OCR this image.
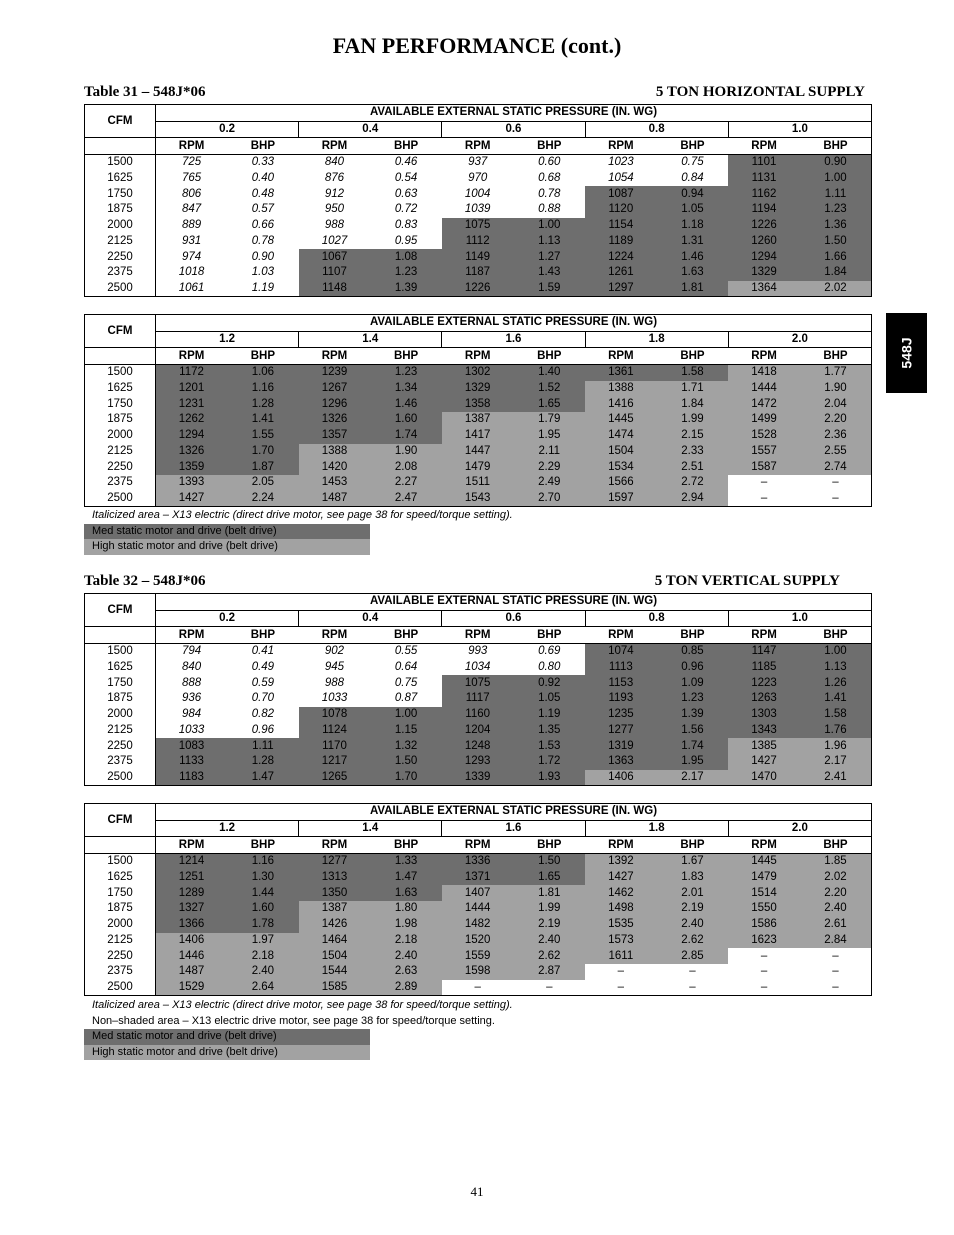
FAN PERFORMANCE (cont.)
548J
Table 31 – 548J*06	5 TON HORIZONTAL SUPPLY
CFM	AVAILABLE EXTERNAL STATIC PRESSURE (IN. WG)									
	0.2		0.4		0.6		0.8		1.0	
	RPM	BHP	RPM	BHP	RPM	BHP	RPM	BHP	RPM	BHP
1500	725	0.33	840	0.46	937	0.60	1023	0.75	1101	0.90
1625	765	0.40	876	0.54	970	0.68	1054	0.84	1131	1.00
1750	806	0.48	912	0.63	1004	0.78	1087	0.94	1162	1.11
1875	847	0.57	950	0.72	1039	0.88	1120	1.05	1194	1.23
2000	889	0.66	988	0.83	1075	1.00	1154	1.18	1226	1.36
2125	931	0.78	1027	0.95	1112	1.13	1189	1.31	1260	1.50
2250	974	0.90	1067	1.08	1149	1.27	1224	1.46	1294	1.66
2375	1018	1.03	1107	1.23	1187	1.43	1261	1.63	1329	1.84
2500	1061	1.19	1148	1.39	1226	1.59	1297	1.81	1364	2.02
CFM	AVAILABLE EXTERNAL STATIC PRESSURE (IN. WG)									
	1.2		1.4		1.6		1.8		2.0	
	RPM	BHP	RPM	BHP	RPM	BHP	RPM	BHP	RPM	BHP
1500	1172	1.06	1239	1.23	1302	1.40	1361	1.58	1418	1.77
1625	1201	1.16	1267	1.34	1329	1.52	1388	1.71	1444	1.90
1750	1231	1.28	1296	1.46	1358	1.65	1416	1.84	1472	2.04
1875	1262	1.41	1326	1.60	1387	1.79	1445	1.99	1499	2.20
2000	1294	1.55	1357	1.74	1417	1.95	1474	2.15	1528	2.36
2125	1326	1.70	1388	1.90	1447	2.11	1504	2.33	1557	2.55
2250	1359	1.87	1420	2.08	1479	2.29	1534	2.51	1587	2.74
2375	1393	2.05	1453	2.27	1511	2.49	1566	2.72	–	–
2500	1427	2.24	1487	2.47	1543	2.70	1597	2.94	–	–
Italicized area – X13 electric (direct drive motor, see page 38 for speed/torque setting).
Med static motor and drive (belt drive)
High static motor and drive (belt drive)
Table 32 – 548J*06	5 TON VERTICAL SUPPLY
CFM	AVAILABLE EXTERNAL STATIC PRESSURE (IN. WG)									
	0.2		0.4		0.6		0.8		1.0	
	RPM	BHP	RPM	BHP	RPM	BHP	RPM	BHP	RPM	BHP
1500	794	0.41	902	0.55	993	0.69	1074	0.85	1147	1.00
1625	840	0.49	945	0.64	1034	0.80	1113	0.96	1185	1.13
1750	888	0.59	988	0.75	1075	0.92	1153	1.09	1223	1.26
1875	936	0.70	1033	0.87	1117	1.05	1193	1.23	1263	1.41
2000	984	0.82	1078	1.00	1160	1.19	1235	1.39	1303	1.58
2125	1033	0.96	1124	1.15	1204	1.35	1277	1.56	1343	1.76
2250	1083	1.11	1170	1.32	1248	1.53	1319	1.74	1385	1.96
2375	1133	1.28	1217	1.50	1293	1.72	1363	1.95	1427	2.17
2500	1183	1.47	1265	1.70	1339	1.93	1406	2.17	1470	2.41
CFM	AVAILABLE EXTERNAL STATIC PRESSURE (IN. WG)									
	1.2		1.4		1.6		1.8		2.0	
	RPM	BHP	RPM	BHP	RPM	BHP	RPM	BHP	RPM	BHP
1500	1214	1.16	1277	1.33	1336	1.50	1392	1.67	1445	1.85
1625	1251	1.30	1313	1.47	1371	1.65	1427	1.83	1479	2.02
1750	1289	1.44	1350	1.63	1407	1.81	1462	2.01	1514	2.20
1875	1327	1.60	1387	1.80	1444	1.99	1498	2.19	1550	2.40
2000	1366	1.78	1426	1.98	1482	2.19	1535	2.40	1586	2.61
2125	1406	1.97	1464	2.18	1520	2.40	1573	2.62	1623	2.84
2250	1446	2.18	1504	2.40	1559	2.62	1611	2.85	–	–
2375	1487	2.40	1544	2.63	1598	2.87	–	–	–	–
2500	1529	2.64	1585	2.89	–	–	–	–	–	–
Italicized area – X13 electric (direct drive motor, see page 38 for speed/torque setting).
Non–shaded area – X13 electric drive motor, see page 38 for speed/torque setting.
Med static motor and drive (belt drive)
High static motor and drive (belt drive)
41
